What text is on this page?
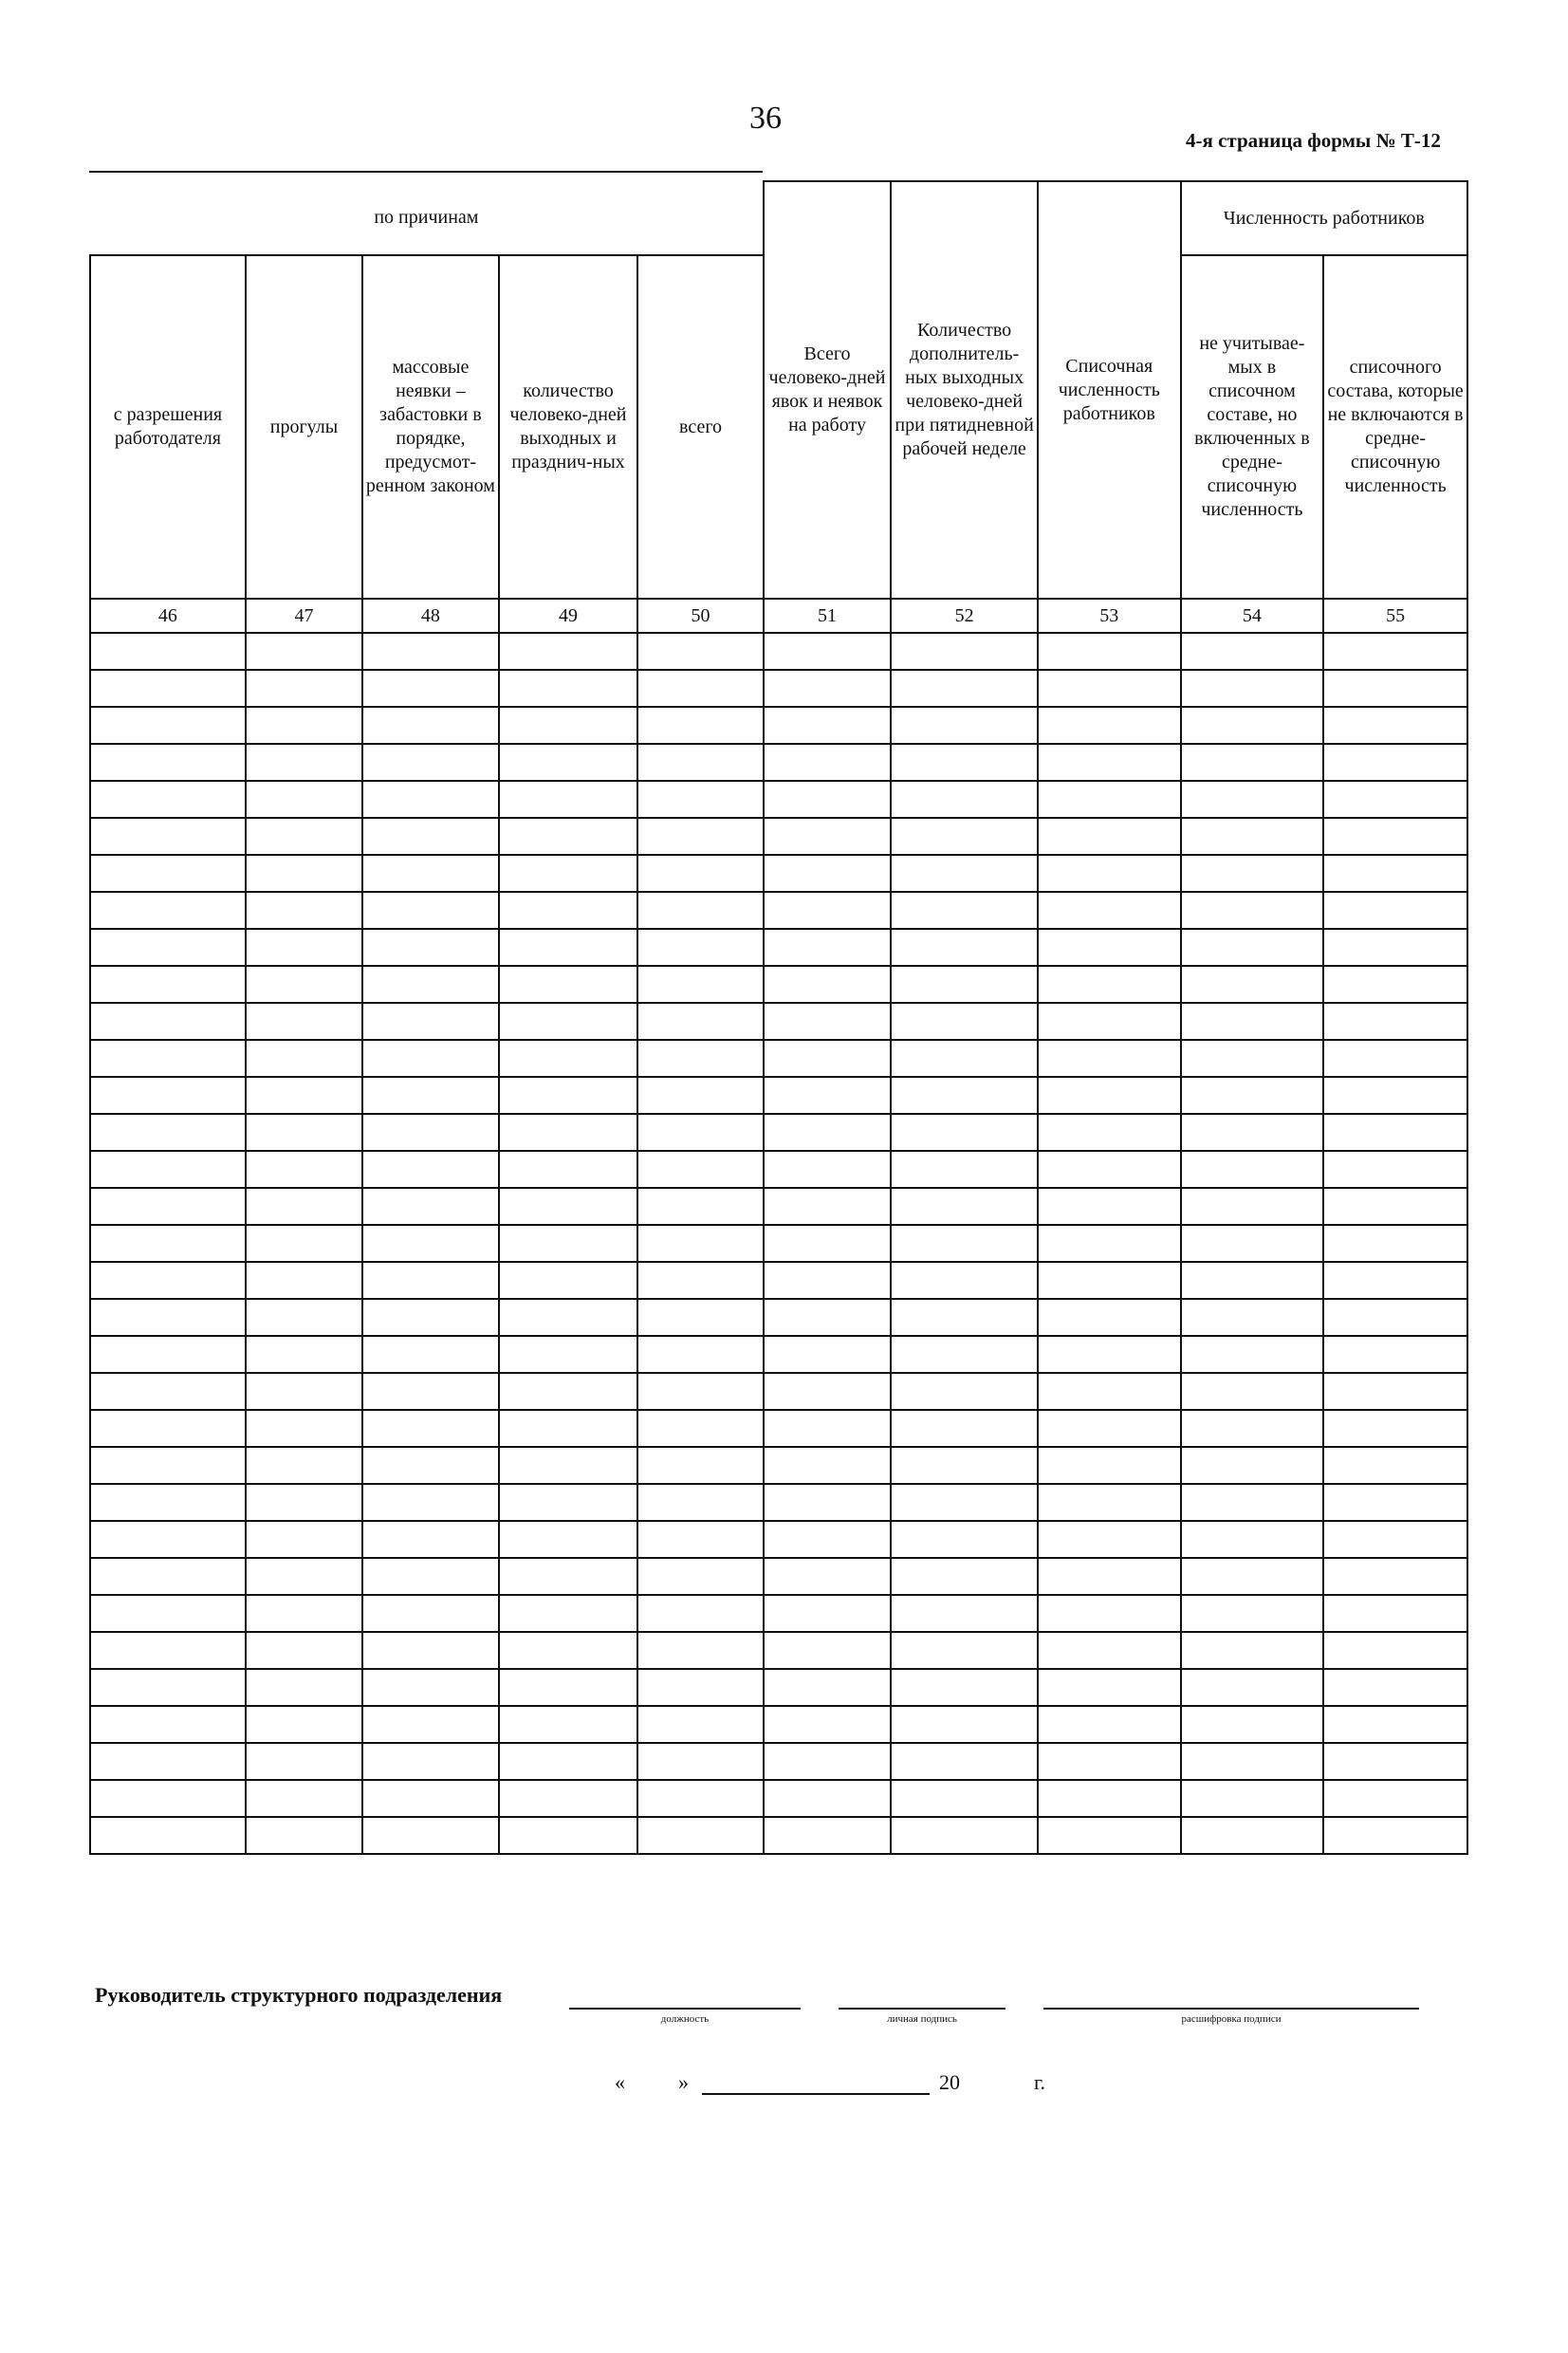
36
4-я страница формы № Т-12
по причинам					Всего человеко-дней явок и неявок на работу	Количество дополнитель-ных выходных человеко-дней при пятидневной рабочей неделе	Списочная численность работников	Численность работников	
с разрешения работодателя	прогулы	массовые неявки – забастовки в порядке, предусмот-ренном законом	количество человеко-дней выходных и празднич-ных	всего				не учитывае-мых в списочном составе, но включенных в средне-списочную численность	списочного состава, которые не включаются в средне-списочную численность
46	47	48	49	50	51	52	53	54	55

Руководитель структурного подразделения
должность	личная подпись	расшифровка подписи
«	»	20	г.
